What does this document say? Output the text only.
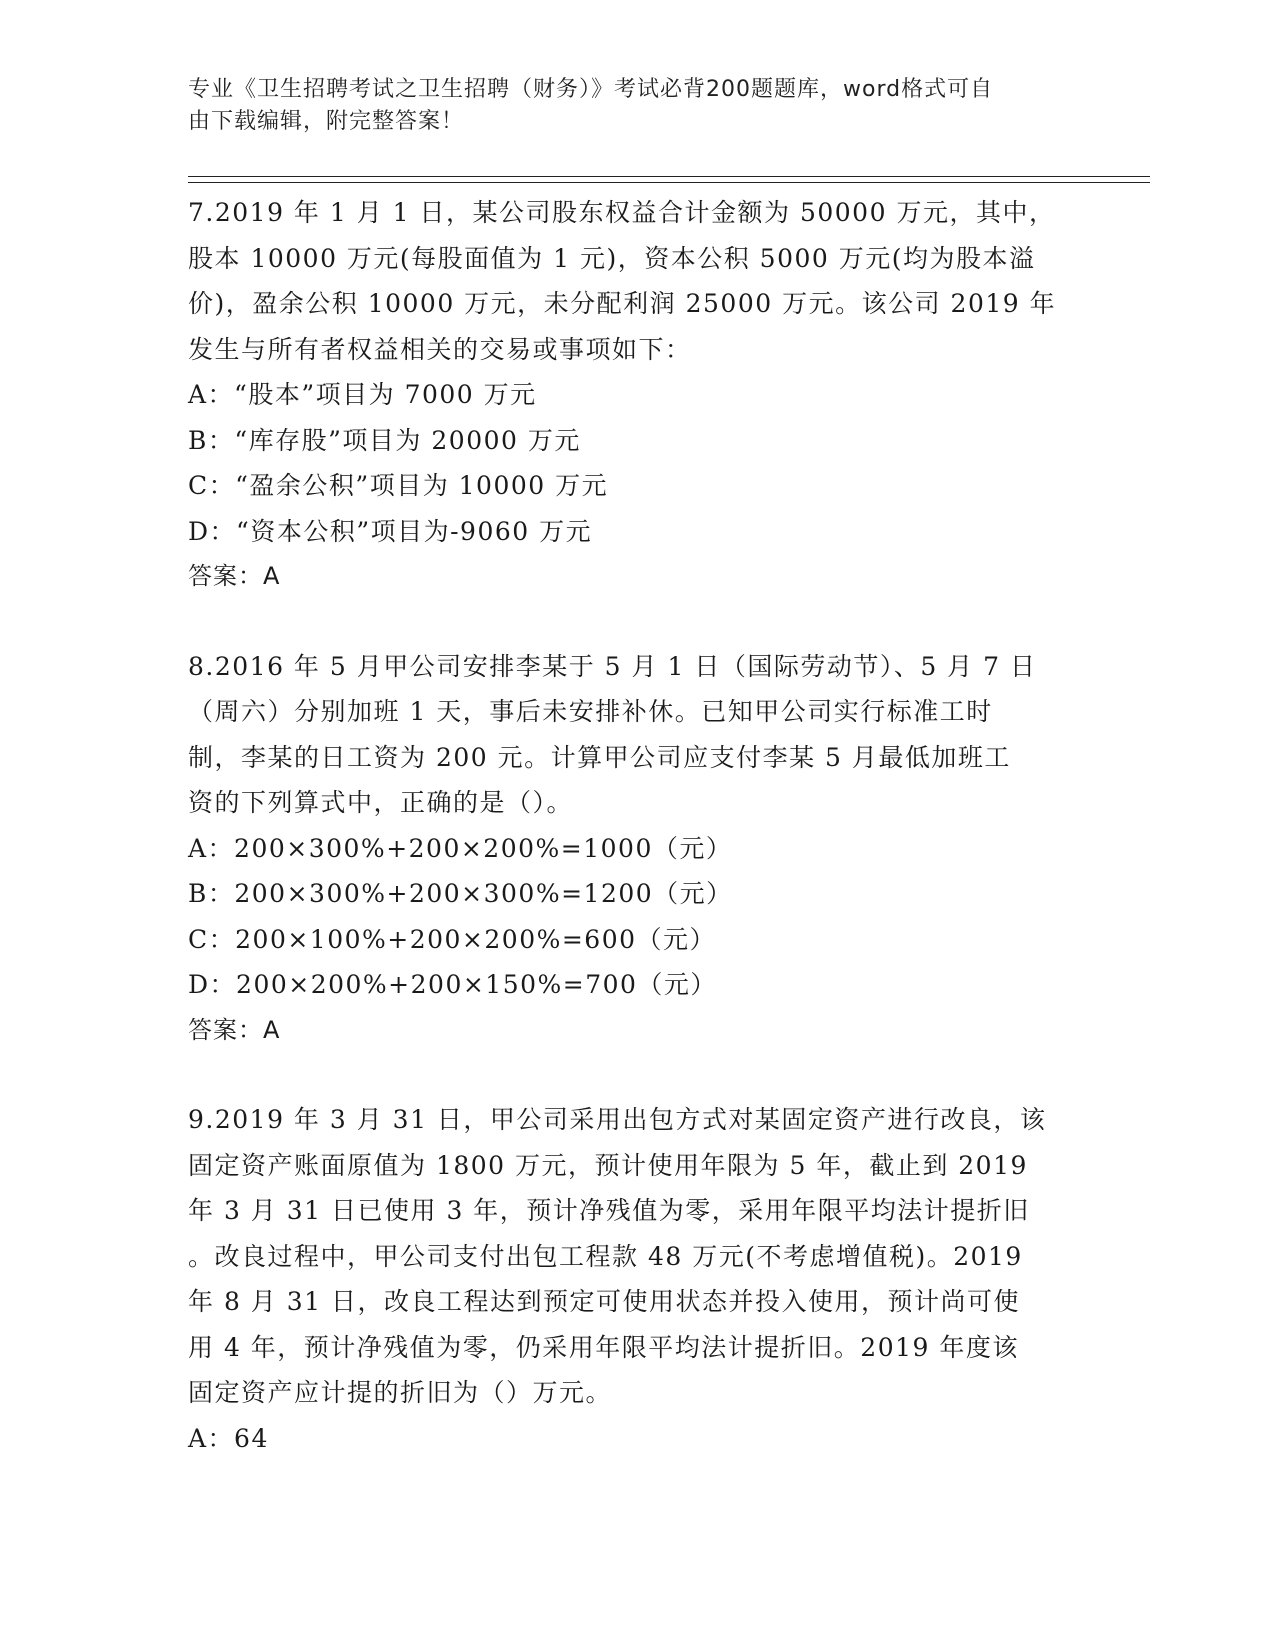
专业《卫生招聘考试之卫生招聘（财务）》考试必背200题题库，word格式可自
由下载编辑，附完整答案！
7.2019 年 1 月 1 日，某公司股东权益合计金额为 50000 万元，其中，
股本 10000 万元(每股面值为 1 元)，资本公积 5000 万元(均为股本溢
价)，盈余公积 10000 万元，未分配利润 25000 万元。该公司 2019 年
发生与所有者权益相关的交易或事项如下：
A：“股本”项目为 7000 万元
B：“库存股”项目为 20000 万元
C：“盈余公积”项目为 10000 万元
D：“资本公积”项目为-9060 万元
答案：A
8.2016 年 5 月甲公司安排李某于 5 月 1 日（国际劳动节）、5 月 7 日
（周六）分别加班 1 天，事后未安排补休。已知甲公司实行标准工时
制，李某的日工资为 200 元。计算甲公司应支付李某 5 月最低加班工
资的下列算式中，正确的是（）。
A：200×300%+200×200%=1000（元）
B：200×300%+200×300%=1200（元）
C：200×100%+200×200%=600（元）
D：200×200%+200×150%=700（元）
答案：A
9.2019 年 3 月 31 日，甲公司采用出包方式对某固定资产进行改良，该
固定资产账面原值为 1800 万元，预计使用年限为 5 年，截止到 2019
年 3 月 31 日已使用 3 年，预计净残值为零，采用年限平均法计提折旧
。改良过程中，甲公司支付出包工程款 48 万元(不考虑增值税)。2019
年 8 月 31 日，改良工程达到预定可使用状态并投入使用，预计尚可使
用 4 年，预计净残值为零，仍采用年限平均法计提折旧。2019 年度该
固定资产应计提的折旧为（）万元。
A：64
